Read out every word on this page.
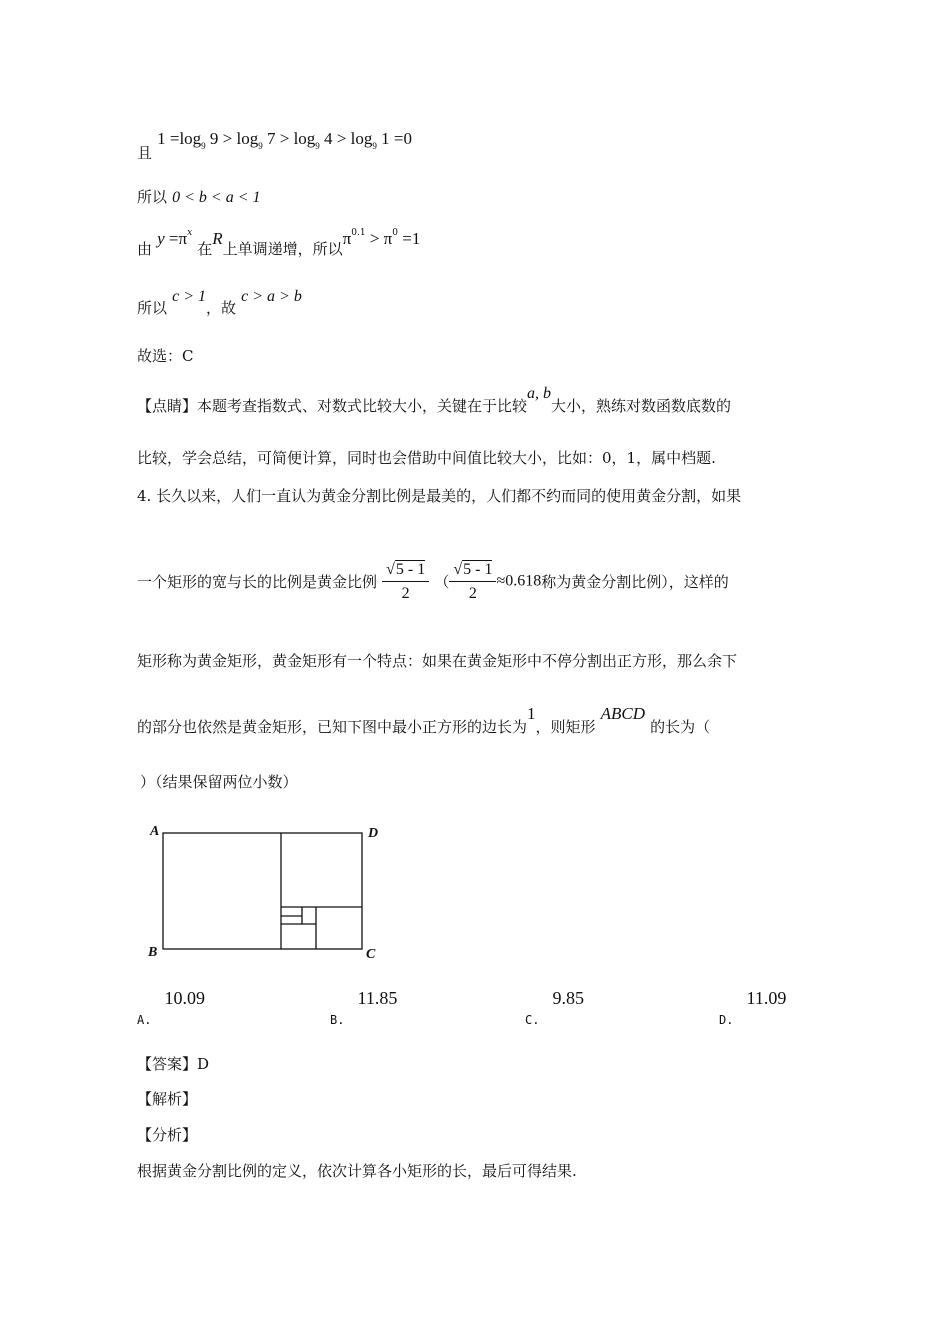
且 $1 =\log_9$ $9 > \log_9 7 > \log_9 4 > \log_9 1 =0$
所以 0 < b < a < 1
由 $y =\pi^x$ 在R上单调递增，所以$\pi^{0.1} > \pi^0 =1$
所以 c > 1，故 c > a > b
故选：C
【点睛】本题考查指数式、对数式比较大小，关键在于比较a, b大小，熟练对数函数底数的
比较，学会总结，可简便计算，同时也会借助中间值比较大小，比如：0，1，属中档题.
4. 长久以来，人们一直认为黄金分割比例是最美的，人们都不约而同的使用黄金分割，如果
一个矩形的宽与长的比例是黄金比例 $\frac{√5 - 1}{2}$ （ $\frac{√5 - 1}{2} \approx 0.618$称为黄金分割比例），这样的
矩形称为黄金矩形，黄金矩形有一个特点：如果在黄金矩形中不停分割出正方形，那么余下
的部分也依然是黄金矩形，已知下图中最小正方形的边长为1，则矩形 ABCD 的长为（
）（结果保留两位小数）
A	D
B	C
$_{A.}$ 10.09
$_{B.}$ 11.85
$_{C.}$ 9.85
$_{D.}$ 11.09
【答案】D
【解析】
【分析】
根据黄金分割比例的定义，依次计算各小矩形的长，最后可得结果.
